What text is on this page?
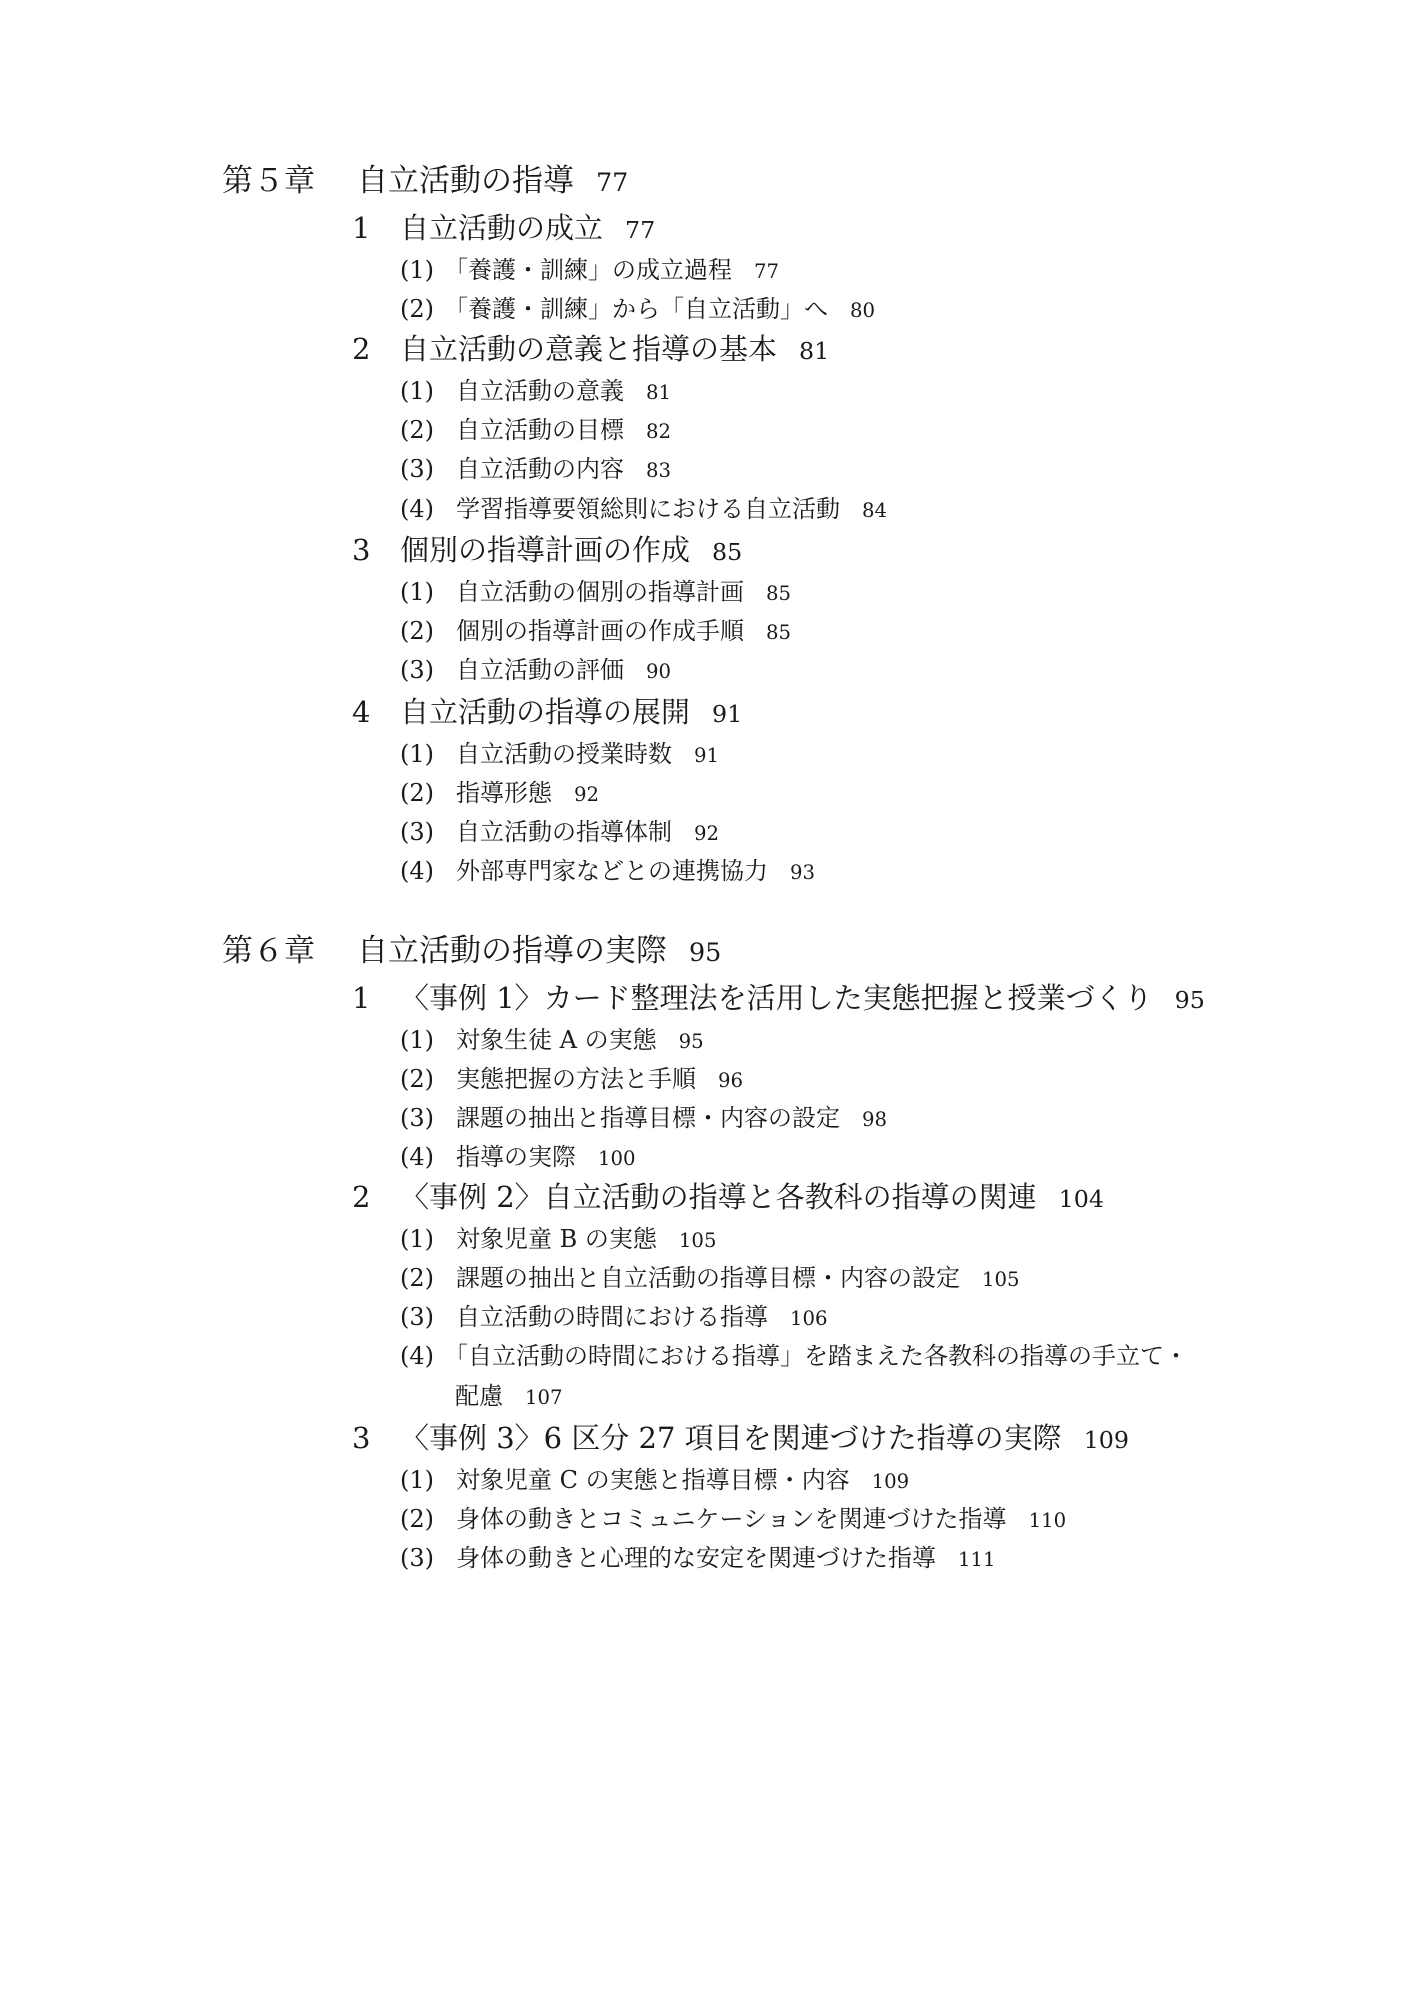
第５章 自立活動の指導 77
1 自立活動の成立 77
(1) 「養護・訓練」の成立過程 77
(2) 「養護・訓練」から「自立活動」へ 80
2 自立活動の意義と指導の基本 81
(1) 自立活動の意義 81
(2) 自立活動の目標 82
(3) 自立活動の内容 83
(4) 学習指導要領総則における自立活動 84
3 個別の指導計画の作成 85
(1) 自立活動の個別の指導計画 85
(2) 個別の指導計画の作成手順 85
(3) 自立活動の評価 90
4 自立活動の指導の展開 91
(1) 自立活動の授業時数 91
(2) 指導形態 92
(3) 自立活動の指導体制 92
(4) 外部専門家などとの連携協力 93
第６章 自立活動の指導の実際 95
1 〈事例 1〉カード整理法を活用した実態把握と授業づくり 95
(1) 対象生徒 A の実態 95
(2) 実態把握の方法と手順 96
(3) 課題の抽出と指導目標・内容の設定 98
(4) 指導の実際 100
2 〈事例 2〉自立活動の指導と各教科の指導の関連 104
(1) 対象児童 B の実態 105
(2) 課題の抽出と自立活動の指導目標・内容の設定 105
(3) 自立活動の時間における指導 106
(4) 「自立活動の時間における指導」を踏まえた各教科の指導の手立て・
配慮 107
3 〈事例 3〉6 区分 27 項目を関連づけた指導の実際 109
(1) 対象児童 C の実態と指導目標・内容 109
(2) 身体の動きとコミュニケーションを関連づけた指導 110
(3) 身体の動きと心理的な安定を関連づけた指導 111
